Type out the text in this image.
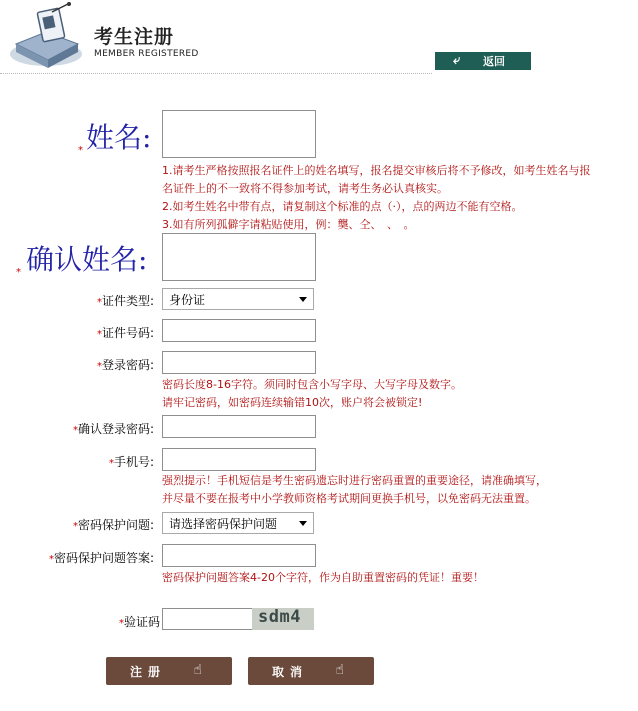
考生注册
MEMBER REGISTERED	⤶ 返回
* 姓名:
1.请考生严格按照报名证件上的姓名填写，报名提交审核后将不予修改，如考生姓名与报
名证件上的不一致将不得参加考试，请考生务必认真核实。
2.如考生姓名中带有点，请复制这个标准的点（·），点的两边不能有空格。
3.如有所列孤僻字请粘贴使用，例：龑、仝、　、　。
* 确认姓名:
*证件类型: 身份证
*证件号码:
*登录密码:
密码长度8-16字符。须同时包含小写字母、大写字母及数字。
请牢记密码，如密码连续输错10次，账户将会被锁定!
*确认登录密码:
*手机号:
强烈提示！手机短信是考生密码遗忘时进行密码重置的重要途径，请准确填写，
并尽量不要在报考中小学教师资格考试期间更换手机号，以免密码无法重置。
*密码保护问题: 请选择密码保护问题
*密码保护问题答案:
密码保护问题答案4-20个字符，作为自助重置密码的凭证！重要！
*验证码	sdm4
注册 ☝	取消 ☝
